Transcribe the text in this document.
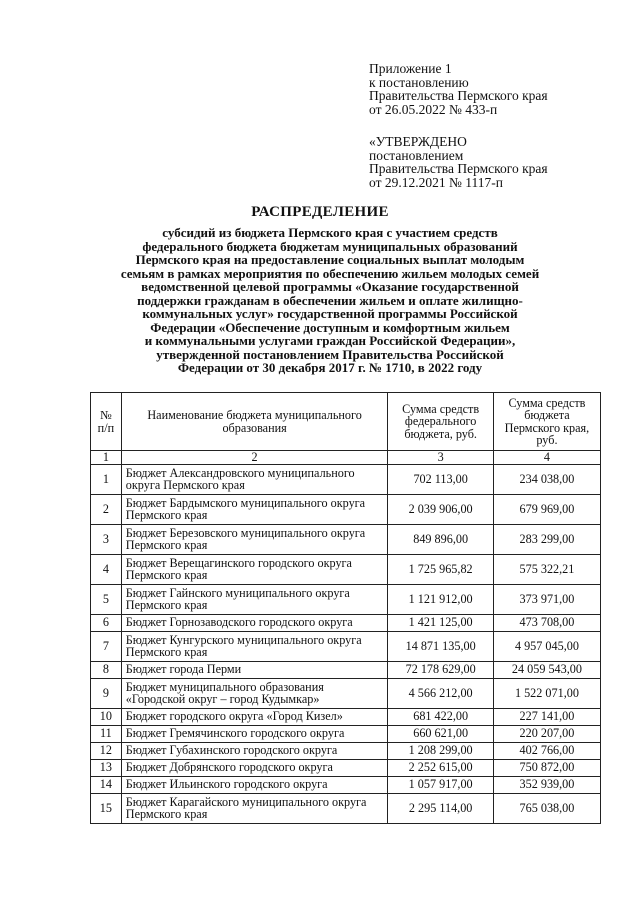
Приложение 1
к постановлению
Правительства Пермского края
от 26.05.2022 № 433-п
«УТВЕРЖДЕНО
постановлением
Правительства Пермского края
от 29.12.2021 № 1117-п
РАСПРЕДЕЛЕНИЕ
субсидий из бюджета Пермского края с участием средств
федерального бюджета бюджетам муниципальных образований
Пермского края на предоставление социальных выплат молодым
семьям в рамках мероприятия по обеспечению жильем молодых семей
ведомственной целевой программы «Оказание государственной
поддержки гражданам в обеспечении жильем и оплате жилищно-
коммунальных услуг» государственной программы Российской
Федерации «Обеспечение доступным и комфортным жильем
и коммунальными услугами граждан Российской Федерации»,
утвержденной постановлением Правительства Российской
Федерации от 30 декабря 2017 г. № 1710, в 2022 году
№ п/п	Наименование бюджета муниципального образования	Сумма средств федерального бюджета, руб.	Сумма средств бюджета Пермского края, руб.
1	2	3	4
1	Бюджет Александровского муниципального округа Пермского края	702 113,00	234 038,00
2	Бюджет Бардымского муниципального округа Пермского края	2 039 906,00	679 969,00
3	Бюджет Березовского муниципального округа Пермского края	849 896,00	283 299,00
4	Бюджет Верещагинского городского округа Пермского края	1 725 965,82	575 322,21
5	Бюджет Гайнского муниципального округа Пермского края	1 121 912,00	373 971,00
6	Бюджет Горнозаводского городского округа	1 421 125,00	473 708,00
7	Бюджет Кунгурского муниципального округа Пермского края	14 871 135,00	4 957 045,00
8	Бюджет города Перми	72 178 629,00	24 059 543,00
9	Бюджет муниципального образования «Городской округ – город Кудымкар»	4 566 212,00	1 522 071,00
10	Бюджет городского округа «Город Кизел»	681 422,00	227 141,00
11	Бюджет Гремячинского городского округа	660 621,00	220 207,00
12	Бюджет Губахинского городского округа	1 208 299,00	402 766,00
13	Бюджет Добрянского городского округа	2 252 615,00	750 872,00
14	Бюджет Ильинского городского округа	1 057 917,00	352 939,00
15	Бюджет Карагайского муниципального округа Пермского края	2 295 114,00	765 038,00
